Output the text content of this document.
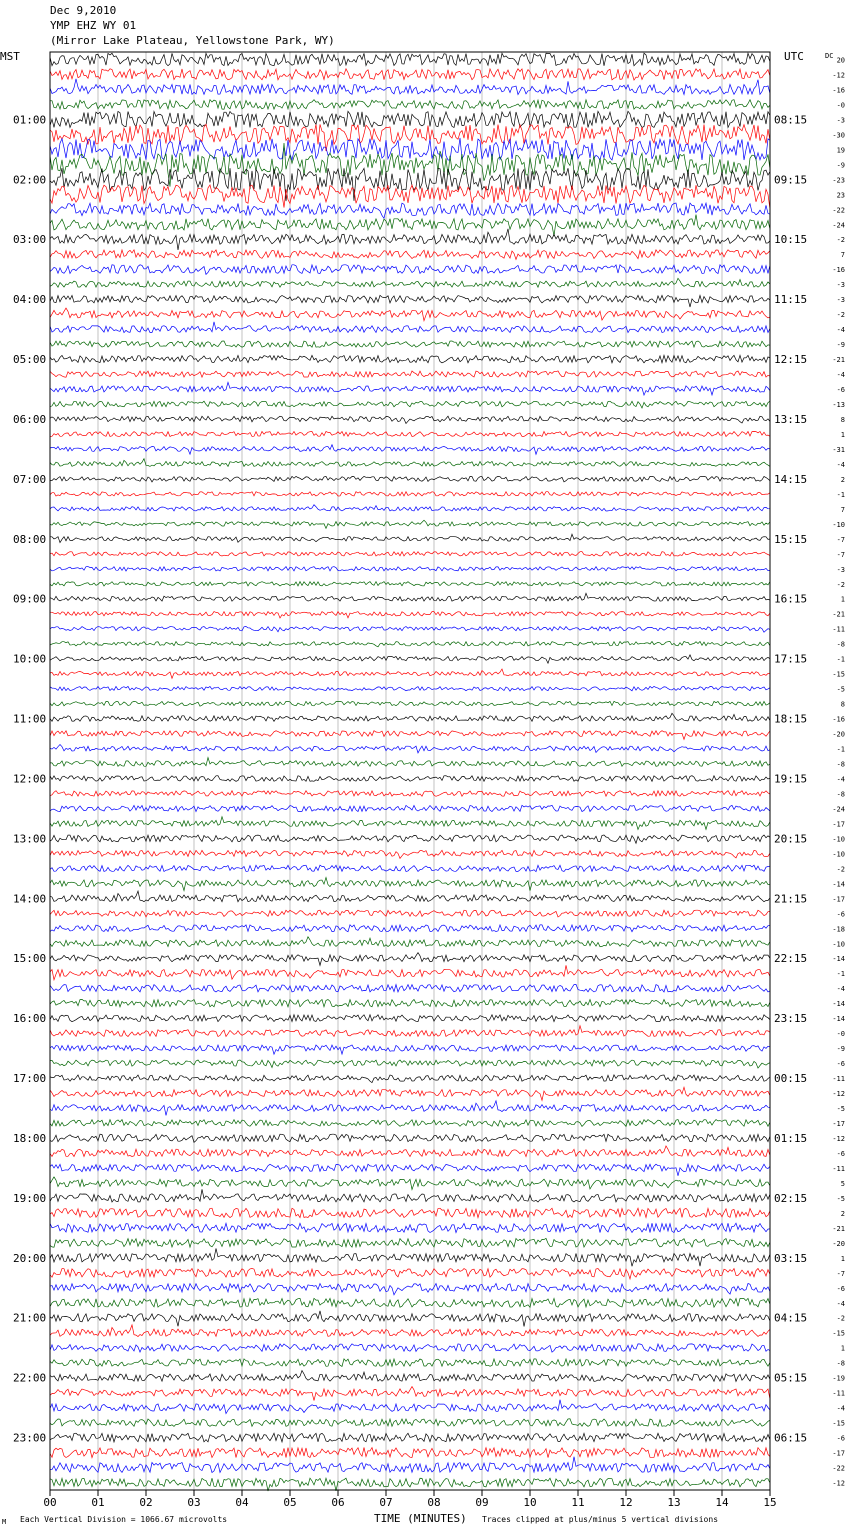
Dec 9,2010
YMP EHZ WY 01
(Mirror Lake Plateau, Yellowstone Park, WY)
01:00
02:00
03:00
04:00
05:00
06:00
07:00
08:00
09:00
10:00
11:00
12:00
13:00
14:00
15:00
16:00
17:00
18:00
19:00
20:00
21:00
22:00
23:00
08:15
09:15
10:15
11:15
12:15
13:15
14:15
15:15
16:15
17:15
18:15
19:15
20:15
21:15
22:15
23:15
00:15
01:15
02:15
03:15
04:15
05:15
06:15
20
-12
-16
-0
-3
-30
19
-9
-23
23
-22
-24
-2
7
-16
-3
-3
-2
-4
-9
-21
-4
-6
-13
8
1
-31
-4
2
-1
7
-10
-7
-7
-3
-2
1
-21
-11
-8
-1
-15
-5
8
-16
-20
-1
-8
-4
-8
-24
-17
-10
-10
-2
-14
-17
-6
-18
-10
-14
-1
-4
-14
-14
-0
-9
-6
-11
-12
-5
-17
-12
-6
-11
5
-5
2
-21
-20
1
-7
-6
-4
-2
-15
1
-8
-19
-11
-4
-15
-6
-17
-22
-12
00	01	02	03	04	05	06	07	08	09	10	11	12	13	14	15
MST	UTC	DC
M Each Vertical Division = 1066.67 microvolts	TIME (MINUTES) Traces clipped at plus/minus 5 vertical divisions
